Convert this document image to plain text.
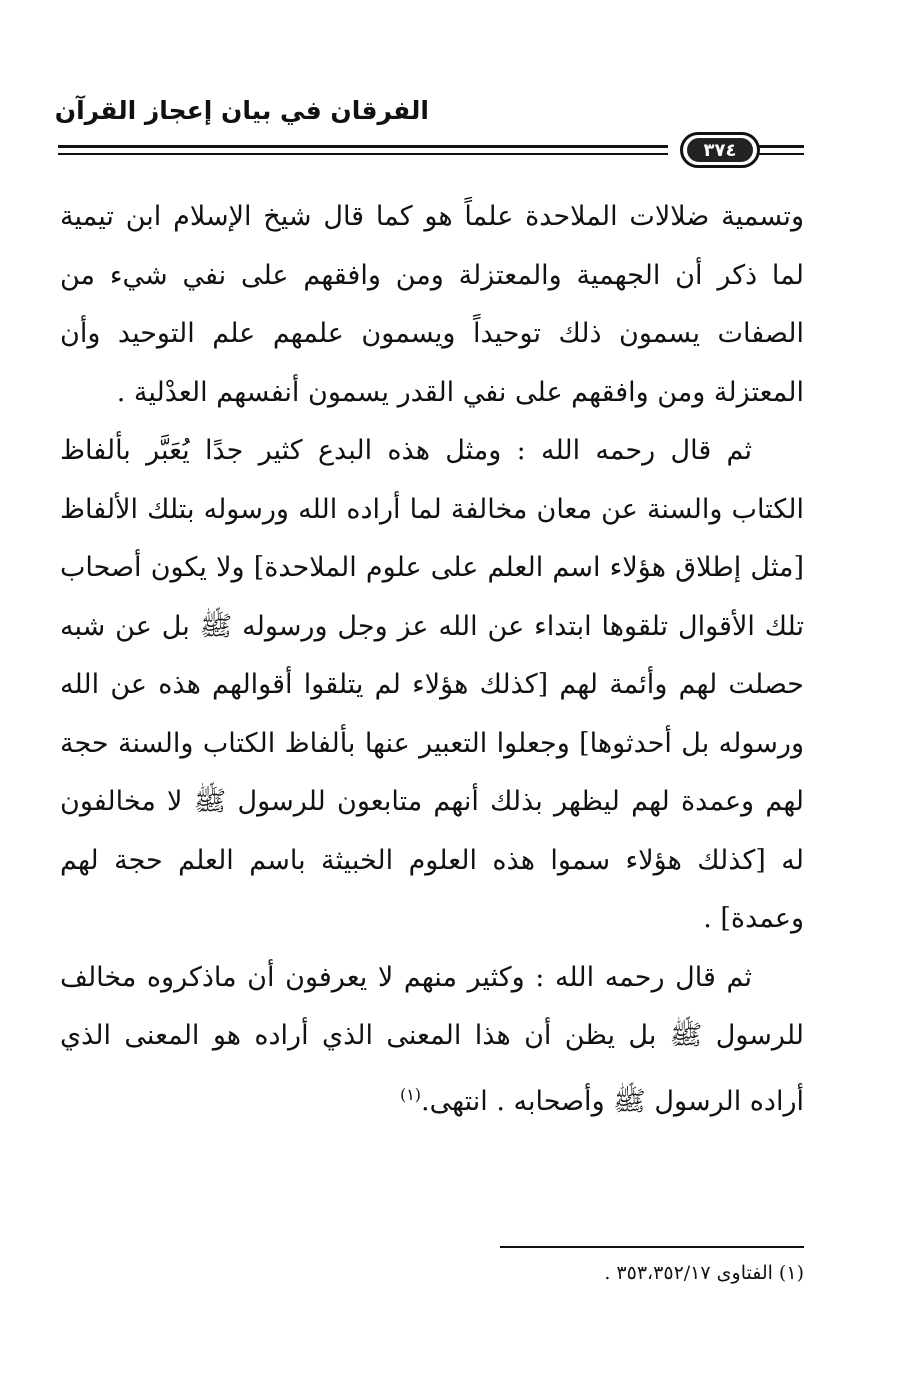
الفرقان في بيان إعجاز القرآن
٣٧٤

وتسمية ضلالات الملاحدة علماً هو كما قال شيخ الإسلام ابن تيمية لما ذكر أن الجهمية والمعتزلة ومن وافقهم على نفي شيء من الصفات يسمون ذلك توحيداً ويسمون علمهم علم التوحيد وأن المعتزلة ومن وافقهم على نفي القدر يسمون أنفسهم العدْلية .

ثم قال رحمه الله : ومثل هذه البدع كثير جدًا يُعَبَّر بألفاظ الكتاب والسنة عن معان مخالفة لما أراده الله ورسوله بتلك الألفاظ [مثل إطلاق هؤلاء اسم العلم على علوم الملاحدة] ولا يكون أصحاب تلك الأقوال تلقوها ابتداء عن الله عز وجل ورسوله ﷺ بل عن شبه حصلت لهم وأئمة لهم [كذلك هؤلاء لم يتلقوا أقوالهم هذه عن الله ورسوله بل أحدثوها] وجعلوا التعبير عنها بألفاظ الكتاب والسنة حجة لهم وعمدة لهم ليظهر بذلك أنهم متابعون للرسول ﷺ لا مخالفون له [كذلك هؤلاء سموا هذه العلوم الخبيثة باسم العلم حجة لهم وعمدة] .

ثم قال رحمه الله : وكثير منهم لا يعرفون أن ماذكروه مخالف للرسول ﷺ بل يظن أن هذا المعنى الذي أراده هو المعنى الذي أراده الرسول ﷺ وأصحابه . انتهى.$^{(١)}$

(١) الفتاوى ٣٥٣،٣٥٢/١٧ .
